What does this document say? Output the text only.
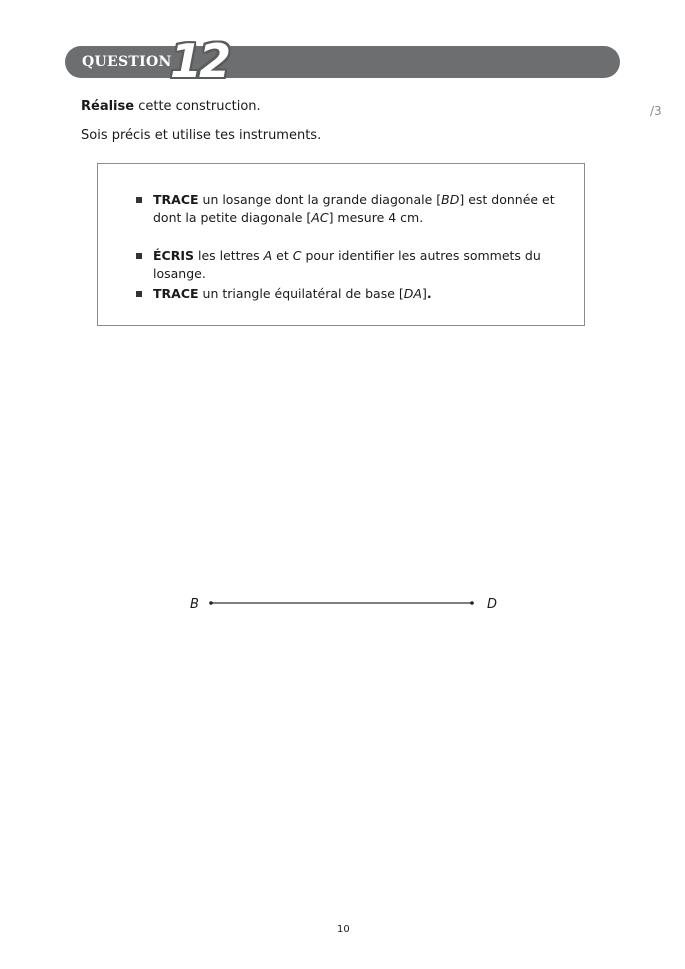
QUESTION
12
/3
Réalise cette construction.
Sois précis et utilise tes instruments.
TRACE un losange dont la grande diagonale [BD] est donnée et dont la petite diagonale [AC] mesure 4 cm.
ÉCRIS les lettres A et C pour identifier les autres sommets du losange.
TRACE un triangle équilatéral de base [DA].
B	D
10
